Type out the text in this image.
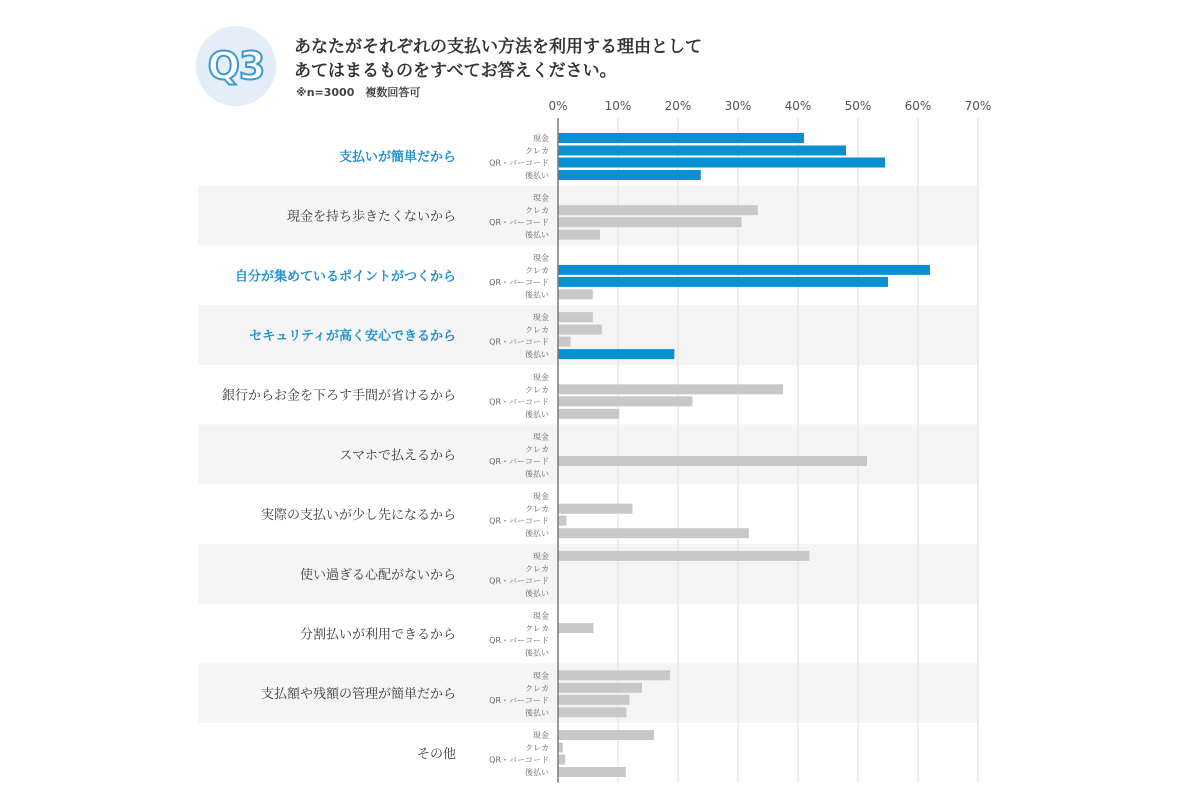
Q3 あなたがそれぞれの支払い方法を利用する理由として
あてはまるものをすべてお答えください。
※n=3000　複数回答可
0%	10%	20%	30%	40%	50%	60%	70%
支払いが簡単だから
現金
クレカ
QR・バーコード
後払い
現金を持ち歩きたくないから
現金
クレカ
QR・バーコード
後払い
自分が集めているポイントがつくから
現金
クレカ
QR・バーコード
後払い
セキュリティが高く安心できるから
現金
クレカ
QR・バーコード
後払い
銀行からお金を下ろす手間が省けるから
現金
クレカ
QR・バーコード
後払い
スマホで払えるから
現金
クレカ
QR・バーコード
後払い
実際の支払いが少し先になるから
現金
クレカ
QR・バーコード
後払い
使い過ぎる心配がないから
現金
クレカ
QR・バーコード
後払い
分割払いが利用できるから
現金
クレカ
QR・バーコード
後払い
支払額や残額の管理が簡単だから
現金
クレカ
QR・バーコード
後払い
その他
現金
クレカ
QR・バーコード
後払い
